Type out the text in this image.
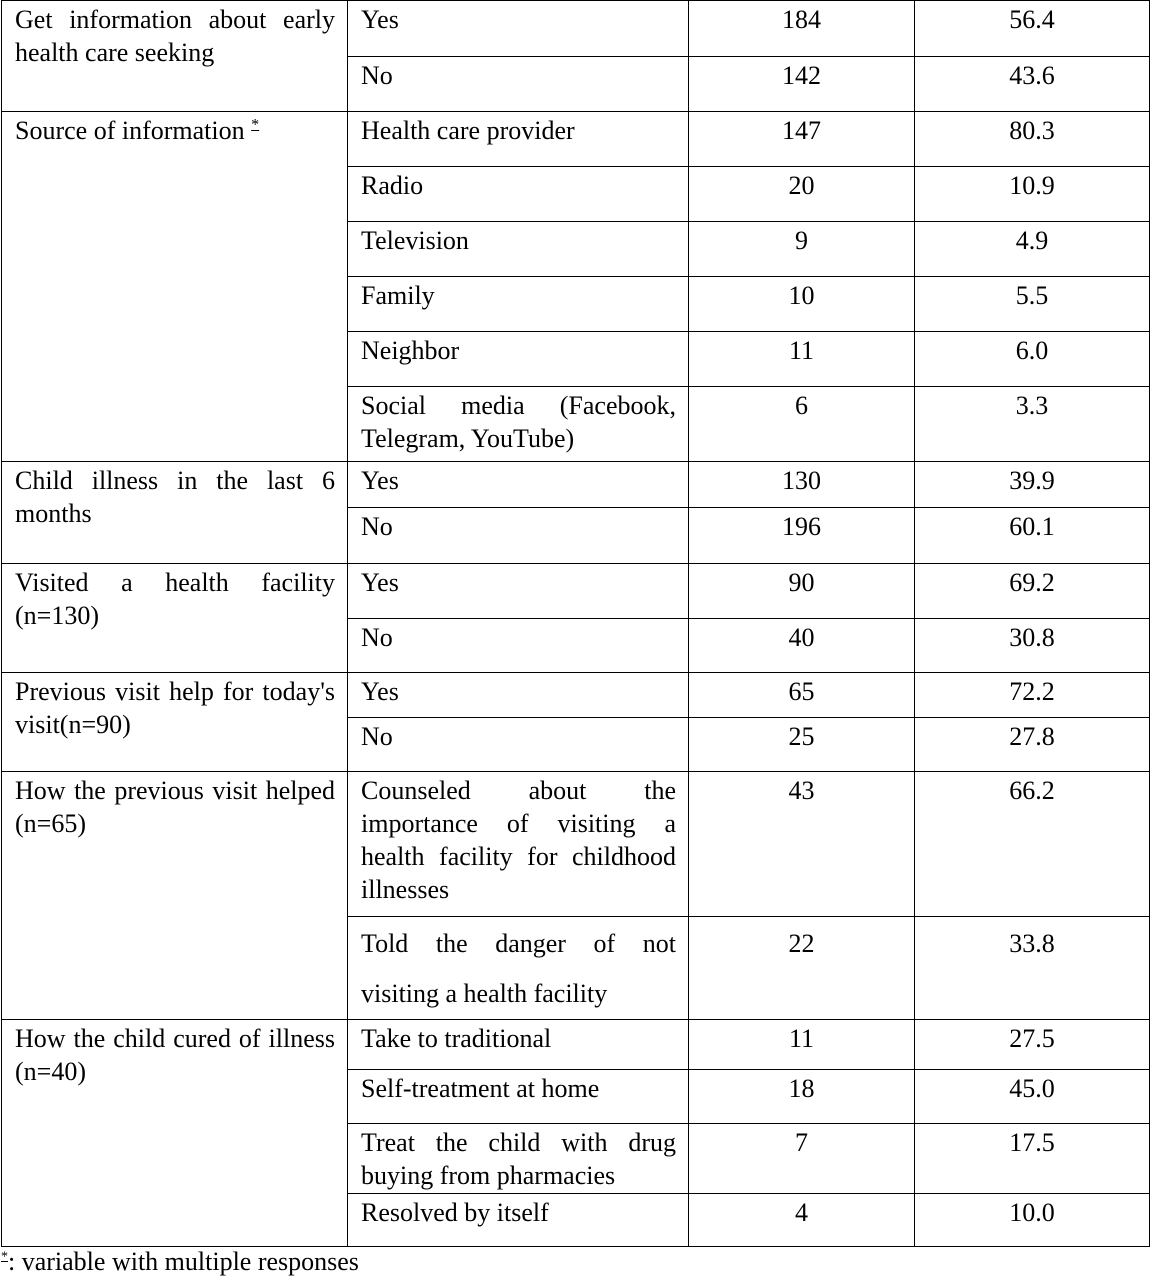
Get information about early health care seeking	Yes	184	56.4
	No	142	43.6
Source of information *	Health care provider	147	80.3
	Radio	20	10.9
	Television	9	4.9
	Family	10	5.5
	Neighbor	11	6.0
	Social media (Facebook, Telegram, YouTube)	6	3.3
Child illness in the last 6 months	Yes	130	39.9
	No	196	60.1
Visited a health facility (n=130)	Yes	90	69.2
	No	40	30.8
Previous visit help for today's visit(n=90)	Yes	65	72.2
	No	25	27.8
How the previous visit helped (n=65)	Counseled about the importance of visiting a health facility for childhood illnesses	43	66.2
	Told the danger of not visiting a health facility	22	33.8
How the child cured of illness (n=40)	Take to traditional	11	27.5
	Self-treatment at home	18	45.0
	Treat the child with drug buying from pharmacies	7	17.5
	Resolved by itself	4	10.0
*: variable with multiple responses
